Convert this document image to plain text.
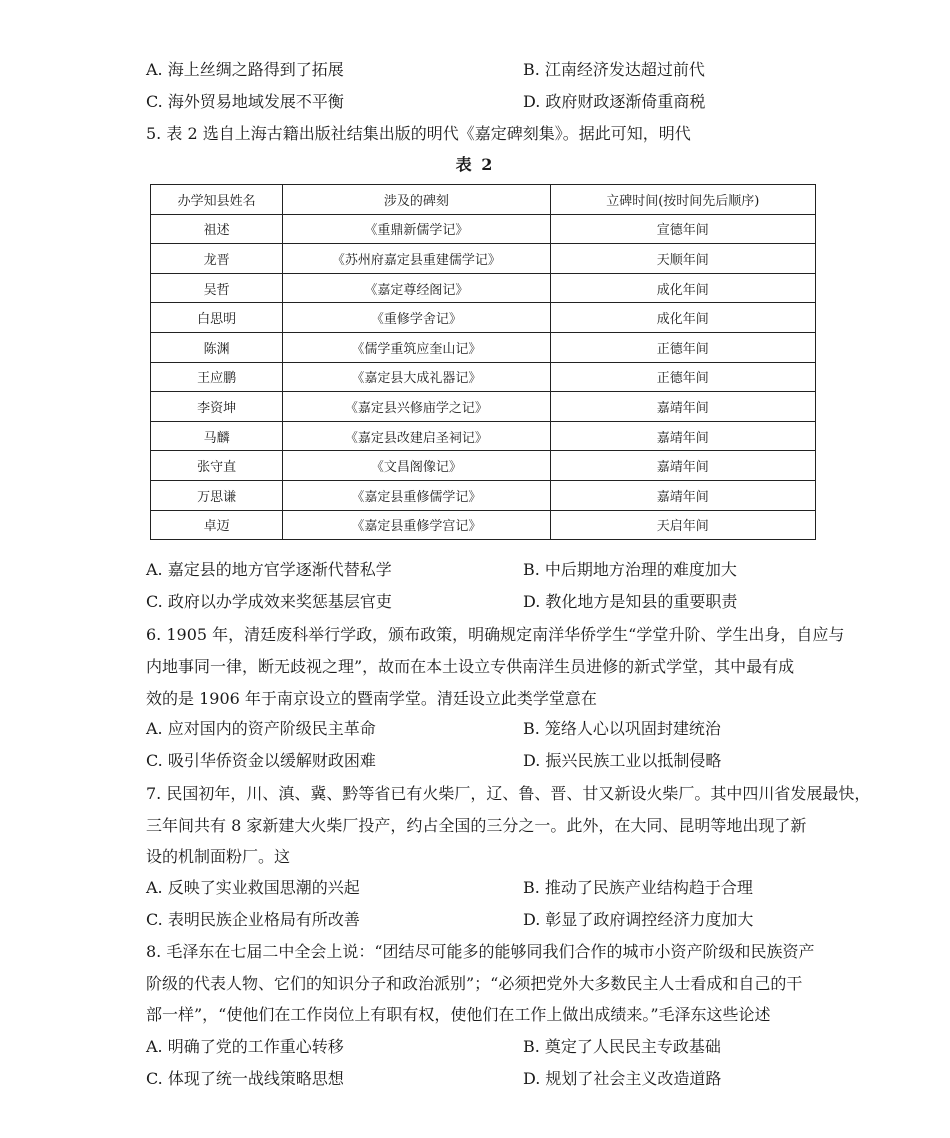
A. 海上丝绸之路得到了拓展	B. 江南经济发达超过前代
C. 海外贸易地域发展不平衡	D. 政府财政逐渐倚重商税
5. 表 2 选自上海古籍出版社结集出版的明代《嘉定碑刻集》。据此可知，明代
表 2
办学知县姓名	涉及的碑刻	立碑时间(按时间先后顺序)
祖述	《重鼎新儒学记》	宣德年间
龙晋	《苏州府嘉定县重建儒学记》	天顺年间
吴哲	《嘉定尊经阁记》	成化年间
白思明	《重修学舍记》	成化年间
陈渊	《儒学重筑应奎山记》	正德年间
王应鹏	《嘉定县大成礼器记》	正德年间
李资坤	《嘉定县兴修庙学之记》	嘉靖年间
马麟	《嘉定县改建启圣祠记》	嘉靖年间
张守直	《文昌阁像记》	嘉靖年间
万思谦	《嘉定县重修儒学记》	嘉靖年间
卓迈	《嘉定县重修学宫记》	天启年间
A. 嘉定县的地方官学逐渐代替私学	B. 中后期地方治理的难度加大
C. 政府以办学成效来奖惩基层官吏	D. 教化地方是知县的重要职责
6. 1905 年，清廷废科举行学政，颁布政策，明确规定南洋华侨学生“学堂升阶、学生出身，自应与
内地事同一律，断无歧视之理”，故而在本土设立专供南洋生员进修的新式学堂，其中最有成
效的是 1906 年于南京设立的暨南学堂。清廷设立此类学堂意在
A. 应对国内的资产阶级民主革命	B. 笼络人心以巩固封建统治
C. 吸引华侨资金以缓解财政困难	D. 振兴民族工业以抵制侵略
7. 民国初年，川、滇、冀、黔等省已有火柴厂，辽、鲁、晋、甘又新设火柴厂。其中四川省发展最快，
三年间共有 8 家新建大火柴厂投产，约占全国的三分之一。此外，在大同、昆明等地出现了新
设的机制面粉厂。这
A. 反映了实业救国思潮的兴起	B. 推动了民族产业结构趋于合理
C. 表明民族企业格局有所改善	D. 彰显了政府调控经济力度加大
8. 毛泽东在七届二中全会上说：“团结尽可能多的能够同我们合作的城市小资产阶级和民族资产
阶级的代表人物、它们的知识分子和政治派别”；“必须把党外大多数民主人士看成和自己的干
部一样”，“使他们在工作岗位上有职有权，使他们在工作上做出成绩来。”毛泽东这些论述
A. 明确了党的工作重心转移	B. 奠定了人民民主专政基础
C. 体现了统一战线策略思想	D. 规划了社会主义改造道路
